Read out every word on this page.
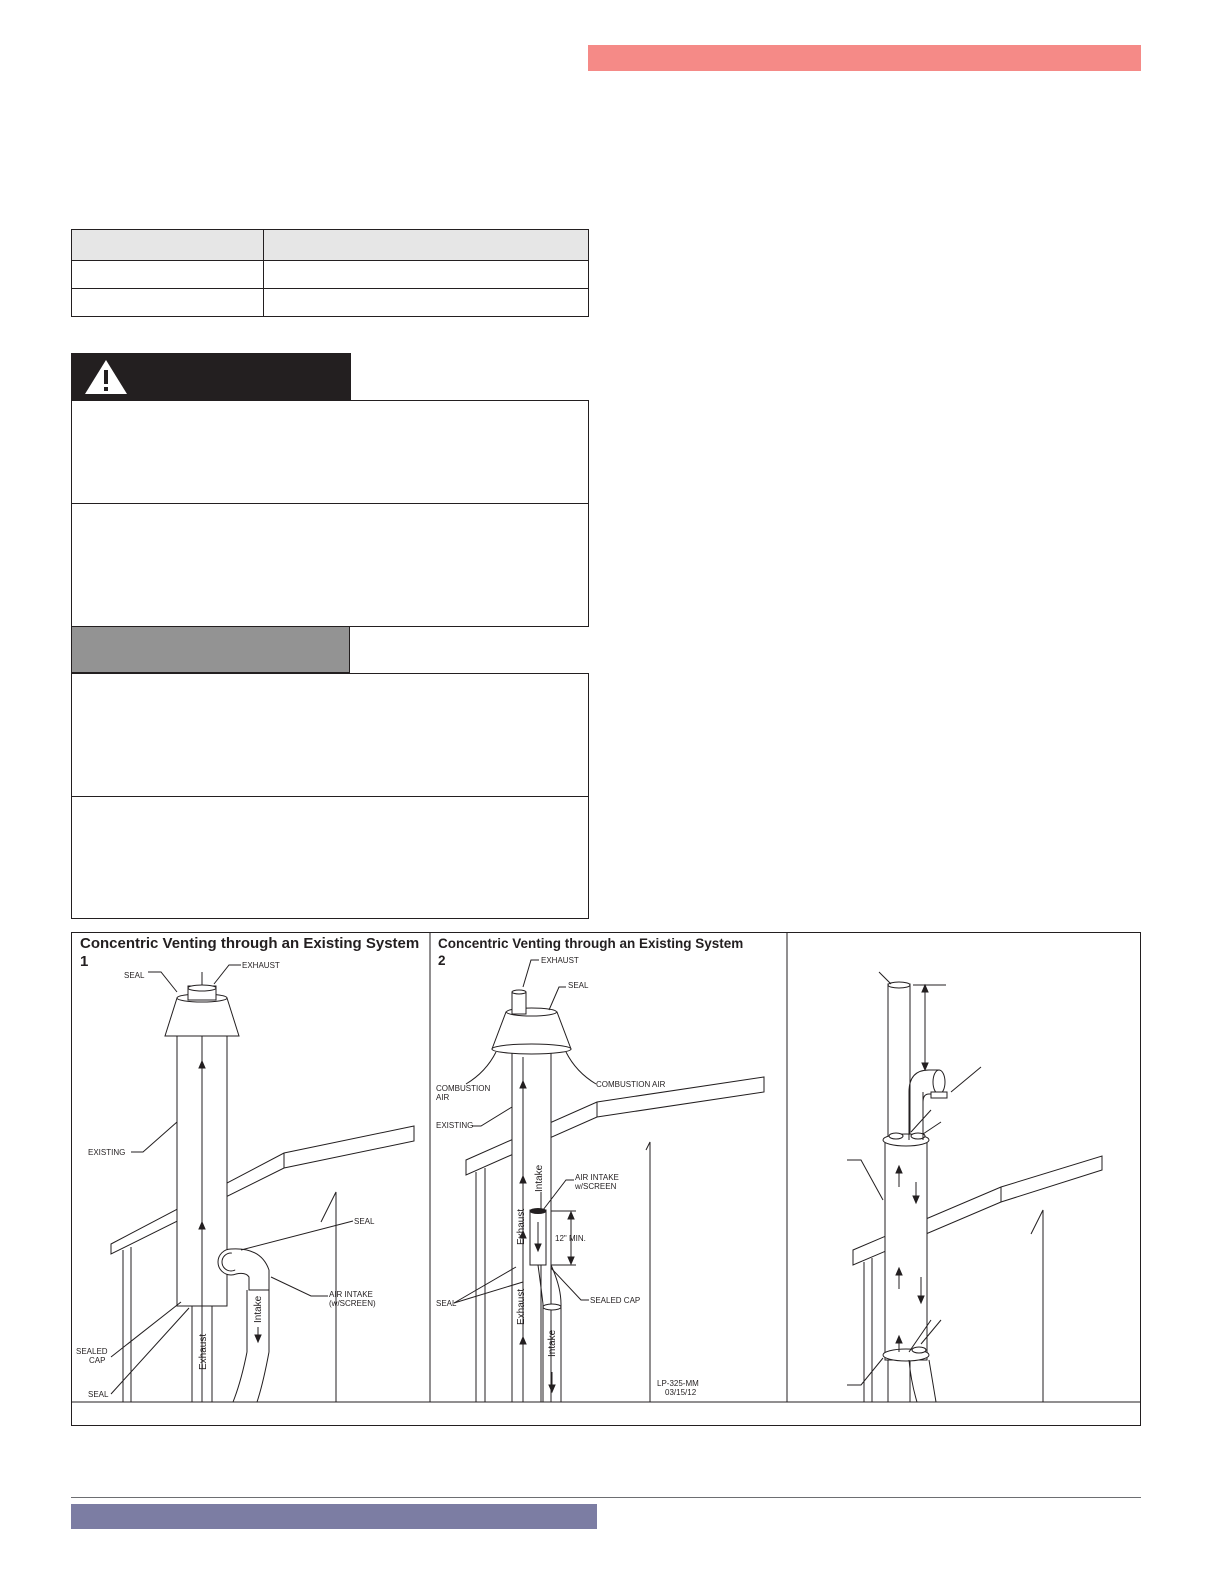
SEAL
EXHAUST
EXISTING
SEAL
AIR INTAKE
(w/SCREEN)
SEALED
CAP
SEAL
Exhaust
Intake
EXHAUST
SEAL
COMBUSTION
AIR
COMBUSTION AIR
EXISTING
AIR INTAKE
w/SCREEN
12" MIN.
SEAL	SEALED CAP
Intake
Exhaust
Exhaust
Intake
LP-325-MM
03/15/12
Concentric Venting through an Existing System
1
Concentric Venting through an Existing System
2
